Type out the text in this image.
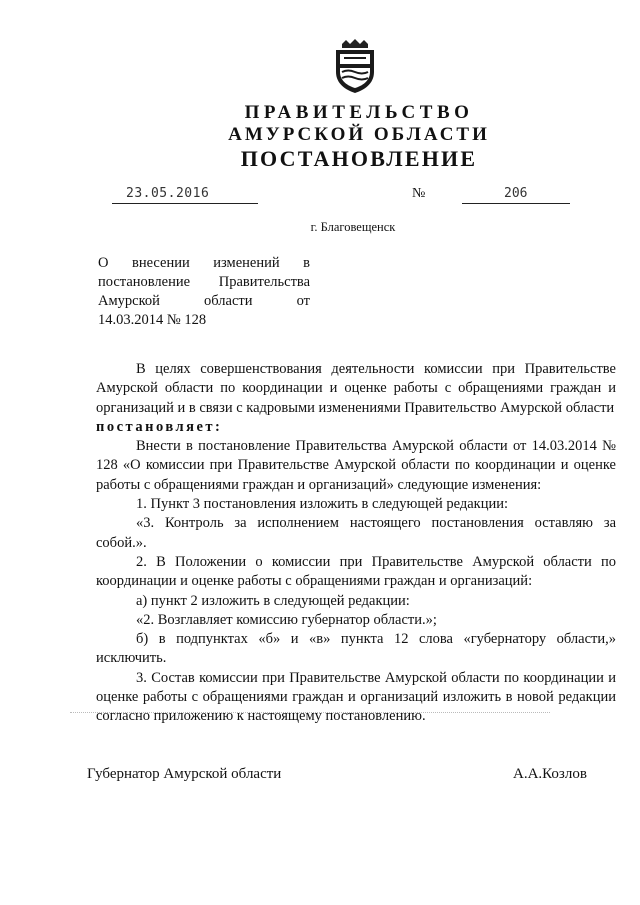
ПРАВИТЕЛЬСТВО
АМУРСКОЙ ОБЛАСТИ
ПОСТАНОВЛЕНИЕ
23.05.2016	№	206
г. Благовещенск
О внесении изменений в
постановление Правительства
Амурской области от
14.03.2014 № 128

В целях совершенствования деятельности комиссии при Правительстве Амурской области по координации и оценке работы с обращениями граждан и организаций и в связи с кадровыми изменениями Правительство Амурской области

постановляет:

Внести в постановление Правительства Амурской области от 14.03.2014 № 128 «О комиссии при Правительстве Амурской области по координации и оценке работы с обращениями граждан и организаций» следующие изменения:

1. Пункт 3 постановления изложить в следующей редакции:

«3. Контроль за исполнением настоящего постановления оставляю за собой.».

2. В Положении о комиссии при Правительстве Амурской области по координации и оценке работы с обращениями граждан и организаций:

а) пункт 2 изложить в следующей редакции:

«2. Возглавляет комиссию губернатор области.»;

б) в подпунктах «б» и «в» пункта 12 слова «губернатору области,» исключить.

3. Состав комиссии при Правительстве Амурской области по координации и оценке работы с обращениями граждан и организаций изложить в новой редакции согласно приложению к настоящему постановлению.

Губернатор Амурской области	А.А.Козлов
